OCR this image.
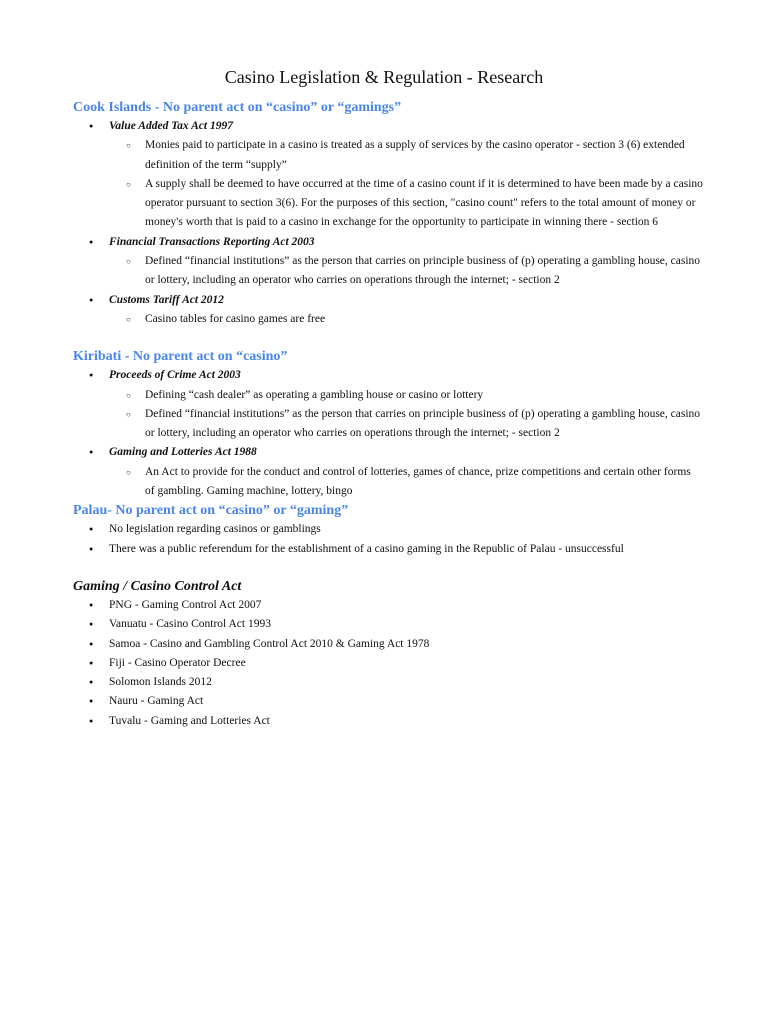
Casino Legislation & Regulation - Research
Cook Islands - No parent act on “casino” or “gamings”
● Value Added Tax Act 1997
○ Monies paid to participate in a casino is treated as a supply of services by the casino operator - section 3 (6) extended definition of the term “supply”
○ A supply shall be deemed to have occurred at the time of a casino count if it is determined to have been made by a casino operator pursuant to section 3(6). For the purposes of this section, "casino count" refers to the total amount of money or money's worth that is paid to a casino in exchange for the opportunity to participate in winning there - section 6
● Financial Transactions Reporting Act 2003
○ Defined “financial institutions” as the person that carries on principle business of (p) operating a gambling house, casino or lottery, including an operator who carries on operations through the internet; - section 2
● Customs Tariff Act 2012
○ Casino tables for casino games are free
Kiribati - No parent act on “casino”
● Proceeds of Crime Act 2003
○ Defining “cash dealer” as operating a gambling house or casino or lottery
○ Defined “financial institutions” as the person that carries on principle business of (p) operating a gambling house, casino or lottery, including an operator who carries on operations through the internet; - section 2
● Gaming and Lotteries Act 1988
○ An Act to provide for the conduct and control of lotteries, games of chance, prize competitions and certain other forms of gambling. Gaming machine, lottery, bingo
Palau- No parent act on “casino” or “gaming”
● No legislation regarding casinos or gamblings
● There was a public referendum for the establishment of a casino gaming in the Republic of Palau - unsuccessful
Gaming / Casino Control Act
● PNG - Gaming Control Act 2007
● Vanuatu - Casino Control Act 1993
● Samoa - Casino and Gambling Control Act 2010 & Gaming Act 1978
● Fiji - Casino Operator Decree
● Solomon Islands 2012
● Nauru - Gaming Act
● Tuvalu - Gaming and Lotteries Act
